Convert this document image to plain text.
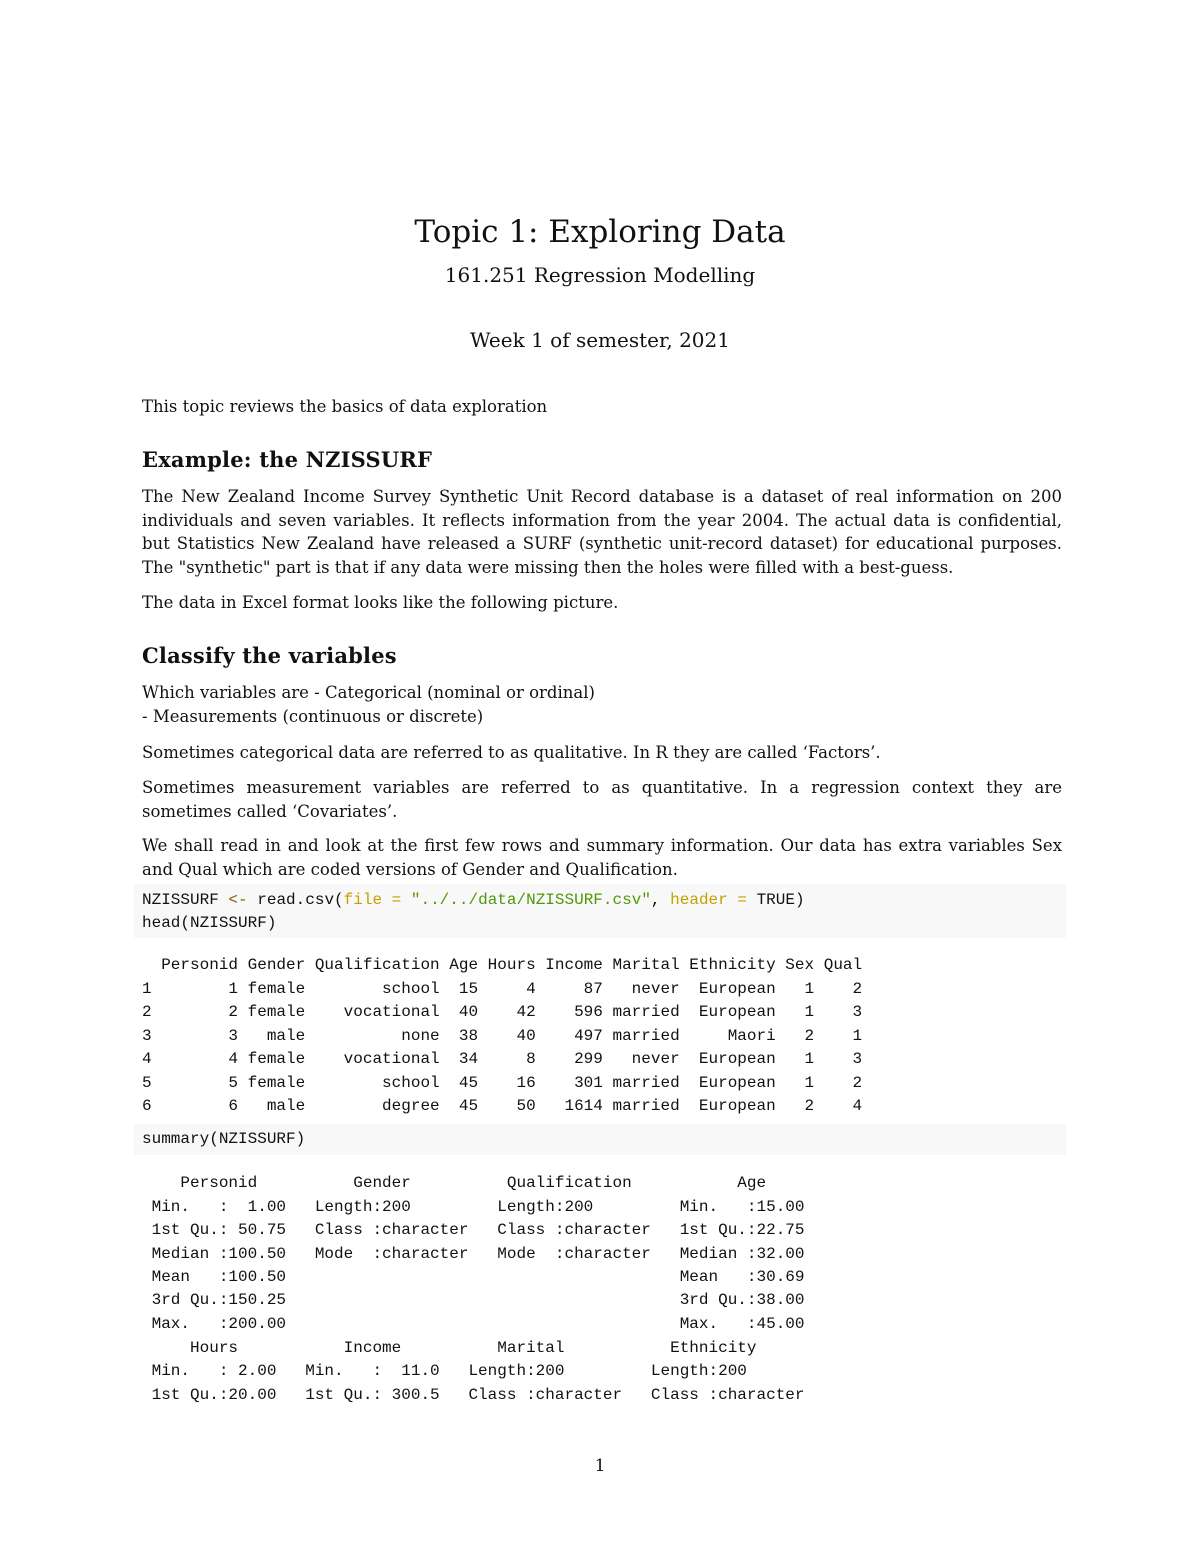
Topic 1: Exploring Data
161.251 Regression Modelling
Week 1 of semester, 2021

This topic reviews the basics of data exploration

Example: the NZISSURF

The New Zealand Income Survey Synthetic Unit Record database is a dataset of real information on 200 individuals and seven variables. It reflects information from the year 2004. The actual data is confidential, but Statistics New Zealand have released a SURF (synthetic unit-record dataset) for educational purposes. The "synthetic" part is that if any data were missing then the holes were filled with a best-guess.

The data in Excel format looks like the following picture.

Classify the variables

Which variables are - Categorical (nominal or ordinal)

- Measurements (continuous or discrete)

Sometimes categorical data are referred to as qualitative. In R they are called ‘Factors’.

Sometimes measurement variables are referred to as quantitative. In a regression context they are sometimes called ‘Covariates’.

We shall read in and look at the first few rows and summary information. Our data has extra variables Sex and Qual which are coded versions of Gender and Qualification.

NZISSURF <- read.csv(file = "../../data/NZISSURF.csv", header = TRUE)
head(NZISSURF)
Personid Gender Qualification Age Hours Income Marital Ethnicity Sex Qual
1        1 female        school  15     4     87   never  European   1    2
2        2 female    vocational  40    42    596 married  European   1    3
3        3   male          none  38    40    497 married     Maori   2    1
4        4 female    vocational  34     8    299   never  European   1    3
5        5 female        school  45    16    301 married  European   1    2
6        6   male        degree  45    50   1614 married  European   2    4
summary(NZISSURF)
Personid          Gender          Qualification           Age
Min.   :  1.00   Length:200         Length:200         Min.   :15.00
1st Qu.: 50.75   Class :character   Class :character   1st Qu.:22.75
Median :100.50   Mode  :character   Mode  :character   Median :32.00
Mean   :100.50                                         Mean   :30.69
3rd Qu.:150.25                                         3rd Qu.:38.00
Max.   :200.00                                         Max.   :45.00
Hours           Income          Marital           Ethnicity
Min.   : 2.00   Min.   :  11.0   Length:200         Length:200
1st Qu.:20.00   1st Qu.: 300.5   Class :character   Class :character
1
